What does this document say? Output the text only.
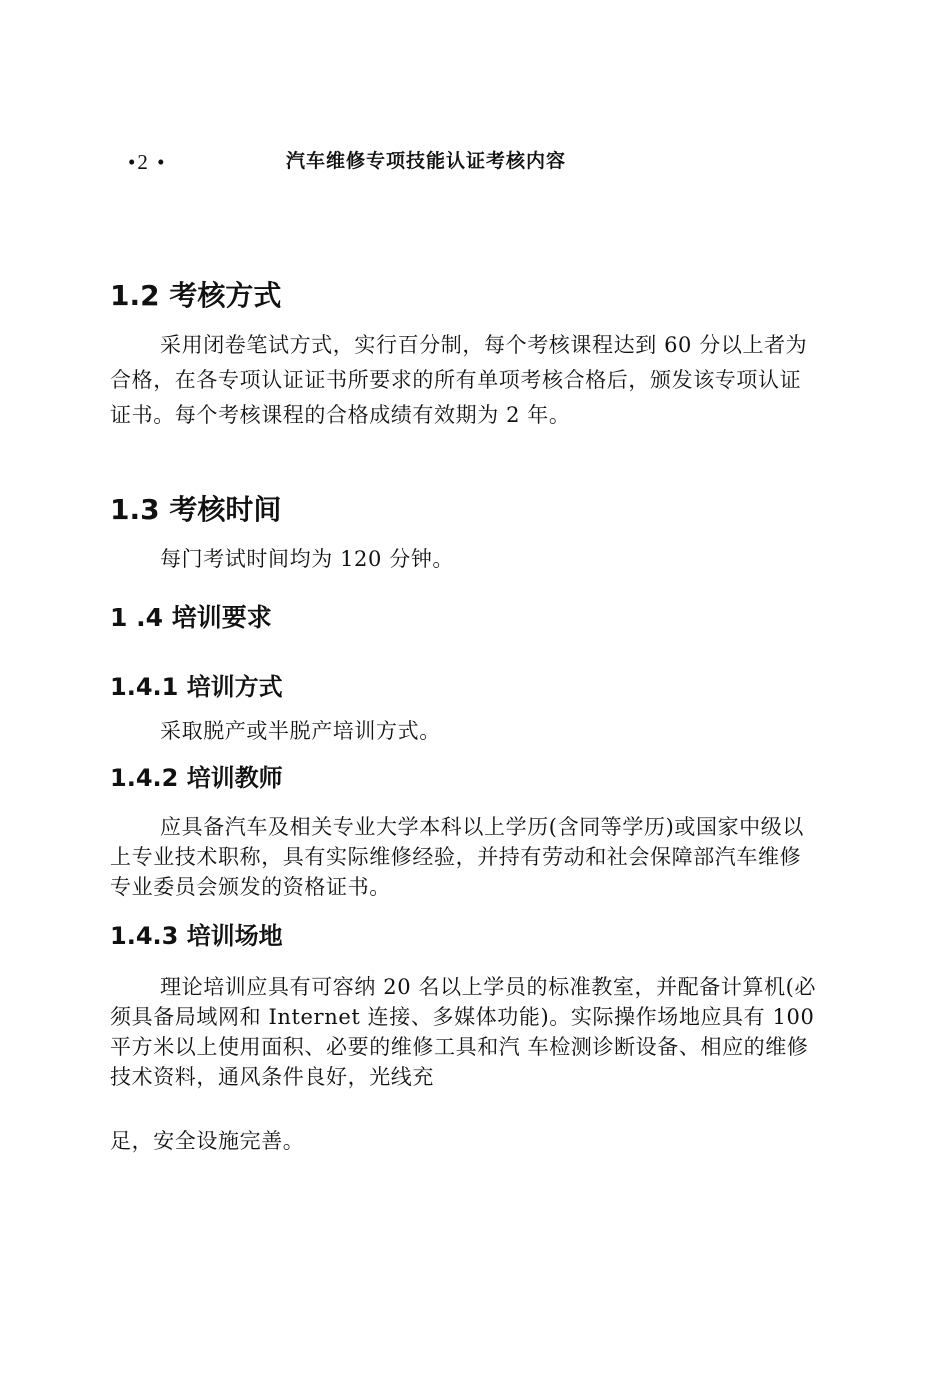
•2 •	汽车维修专项技能认证考核内容
1.2 考核方式

采用闭卷笔试方式，实行百分制，每个考核课程达到 60 分以上者为合格，在各专项认证证书所要求的所有单项考核合格后，颁发该专项认证证书。每个考核课程的合格成绩有效期为 2 年。

1.3 考核时间

每门考试时间均为 120 分钟。

1 .4 培训要求
1.4.1 培训方式

采取脱产或半脱产培训方式。

1.4.2 培训教师

应具备汽车及相关专业大学本科以上学历(含同等学历)或国家中级以上专业技术职称，具有实际维修经验，并持有劳动和社会保障部汽车维修专业委员会颁发的资格证书。

1.4.3 培训场地

理论培训应具有可容纳 20 名以上学员的标准教室，并配备计算机(必须具备局域网和 Internet 连接、多媒体功能)。实际操作场地应具有 100 平方米以上使用面积、必要的维修工具和汽 车检测诊断设备、相应的维修技术资料，通风条件良好，光线充

足，安全设施完善。
